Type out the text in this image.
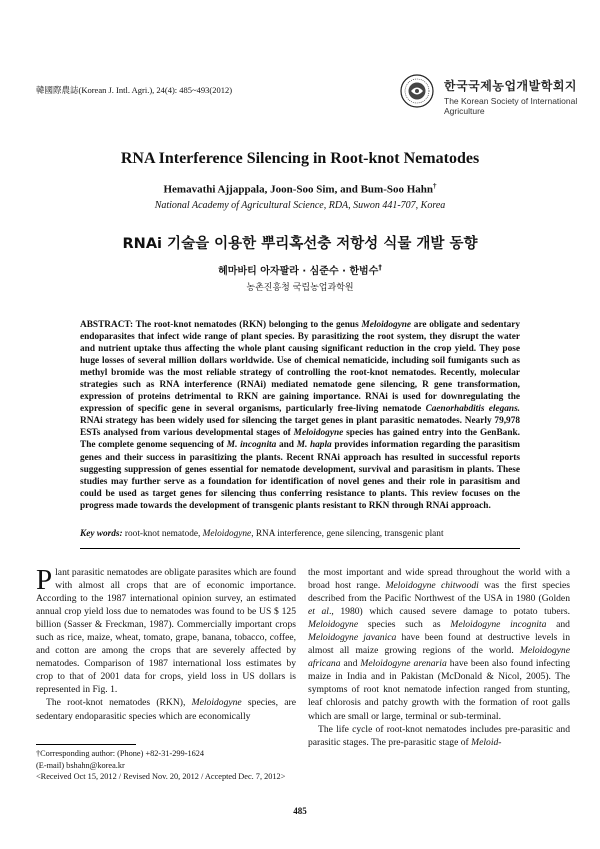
韓國際農誌(Korean J. Intl. Agri.), 24(4): 485~493(2012)	한국국제농업개발학회지
The Korean Society of International
Agriculture
RNA Interference Silencing in Root-knot Nematodes
Hemavathi Ajjappala, Joon-Soo Sim, and Bum-Soo Hahn†
National Academy of Agricultural Science, RDA, Suwon 441-707, Korea
RNAi 기술을 이용한 뿌리혹선충 저항성 식물 개발 동향
헤마바티 아자팔라 · 심준수 · 한범수†
농촌진흥청 국립농업과학원
ABSTRACT: The root-knot nematodes (RKN) belonging to the genus Meloidogyne are obligate and sedentary endoparasites that infect wide range of plant species. By parasitizing the root system, they disrupt the water and nutrient uptake thus affecting the whole plant causing significant reduction in the crop yield. They pose huge losses of several million dollars worldwide. Use of chemical nematicide, including soil fumigants such as methyl bromide was the most reliable strategy of controlling the root-knot nematodes. Recently, molecular strategies such as RNA interference (RNAi) mediated nematode gene silencing, R gene transformation, expression of proteins detrimental to RKN are gaining importance. RNAi is used for downregulating the expression of specific gene in several organisms, particularly free-living nematode Caenorhabditis elegans. RNAi strategy has been widely used for silencing the target genes in plant parasitic nematodes. Nearly 79,978 ESTs analysed from various developmental stages of Meloidogyne species has gained entry into the GenBank. The complete genome sequencing of M. incognita and M. hapla provides information regarding the parasitism genes and their success in parasitizing the plants. Recent RNAi approach has resulted in successful reports suggesting suppression of genes essential for nematode development, survival and parasitism in plants. These studies may further serve as a foundation for identification of novel genes and their role in parasitism and could be used as target genes for silencing thus conferring resistance to plants. This review focuses on the progress made towards the development of transgenic plants resistant to RKN through RNAi approach.
Key words: root-knot nematode, Meloidogyne, RNA interference, gene silencing, transgenic plant

Plant parasitic nematodes are obligate parasites which are found with almost all crops that are of economic importance. According to the 1987 international opinion survey, an estimated annual crop yield loss due to nematodes was found to be US $ 125 billion (Sasser & Freckman, 1987). Commercially important crops such as rice, maize, wheat, tomato, grape, banana, tobacco, coffee, and cotton are among the crops that are severely affected by nematodes. Comparison of 1987 international loss estimates by crop to that of 2001 data for crops, yield loss in US dollars is represented in Fig. 1.

The root-knot nematodes (RKN), Meloidogyne species, are sedentary endoparasitic species which are economically

the most important and wide spread throughout the world with a broad host range. Meloidogyne chitwoodi was the first species described from the Pacific Northwest of the USA in 1980 (Golden et al., 1980) which caused severe damage to potato tubers. Meloidogyne species such as Meloidogyne incognita and Meloidogyne javanica have been found at destructive levels in almost all maize growing regions of the world. Meloidogyne africana and Meloidogyne arenaria have been also found infecting maize in India and in Pakistan (McDonald & Nicol, 2005). The symptoms of root knot nematode infection ranged from stunting, leaf chlorosis and patchy growth with the formation of root galls which are small or large, terminal or sub-terminal.

The life cycle of root-knot nematodes includes pre-parasitic and parasitic stages. The pre-parasitic stage of Meloid-

†Corresponding author: (Phone) +82-31-299-1624
(E-mail) bshahn@korea.kr
<Received Oct 15, 2012 / Revised Nov. 20, 2012 / Accepted Dec. 7, 2012>
485
